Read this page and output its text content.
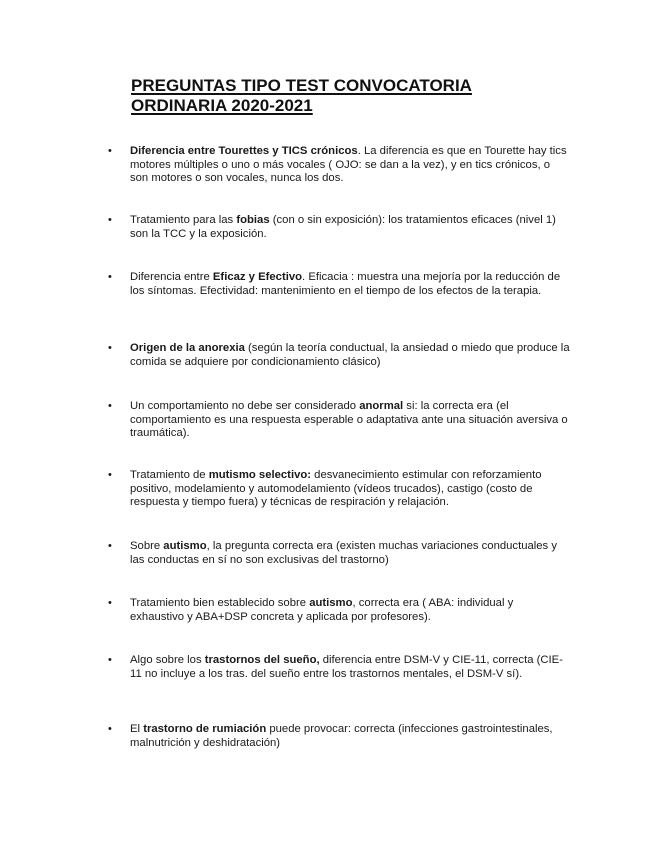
PREGUNTAS TIPO TEST CONVOCATORIA
ORDINARIA 2020-2021
•	Diferencia entre Tourettes y TICS crónicos. La diferencia es que en Tourette hay tics motores múltiples o uno o más vocales ( OJO: se dan a la vez), y en tics crónicos, o son motores o son vocales, nunca los dos.
•	Tratamiento para las fobias (con o sin exposición): los tratamientos eficaces (nivel 1) son la TCC y la exposición.
•	Diferencia entre Eficaz y Efectivo. Eficacia : muestra una mejoría por la reducción de los síntomas. Efectividad: mantenimiento en el tiempo de los efectos de la terapia.
•	Origen de la anorexia (según la teoría conductual, la ansiedad o miedo que produce la comida se adquiere por condicionamiento clásico)
•	Un comportamiento no debe ser considerado anormal si: la correcta era (el comportamiento es una respuesta esperable o adaptativa ante una situación aversiva o traumática).
•	Tratamiento de mutismo selectivo: desvanecimiento estimular con reforzamiento positivo, modelamiento y automodelamiento (vídeos trucados), castigo (costo de respuesta y tiempo fuera) y técnicas de respiración y relajación.
•	Sobre autismo, la pregunta correcta era (existen muchas variaciones conductuales y las conductas en sí no son exclusivas del trastorno)
•	Tratamiento bien establecido sobre autismo, correcta era ( ABA: individual y exhaustivo y ABA+DSP concreta y aplicada por profesores).
•	Algo sobre los trastornos del sueño, diferencia entre DSM-V y CIE-11, correcta (CIE-11 no incluye a los tras. del sueño entre los trastornos mentales, el DSM-V sí).
•	El trastorno de rumiación puede provocar: correcta (infecciones gastrointestinales, malnutrición y deshidratación)
